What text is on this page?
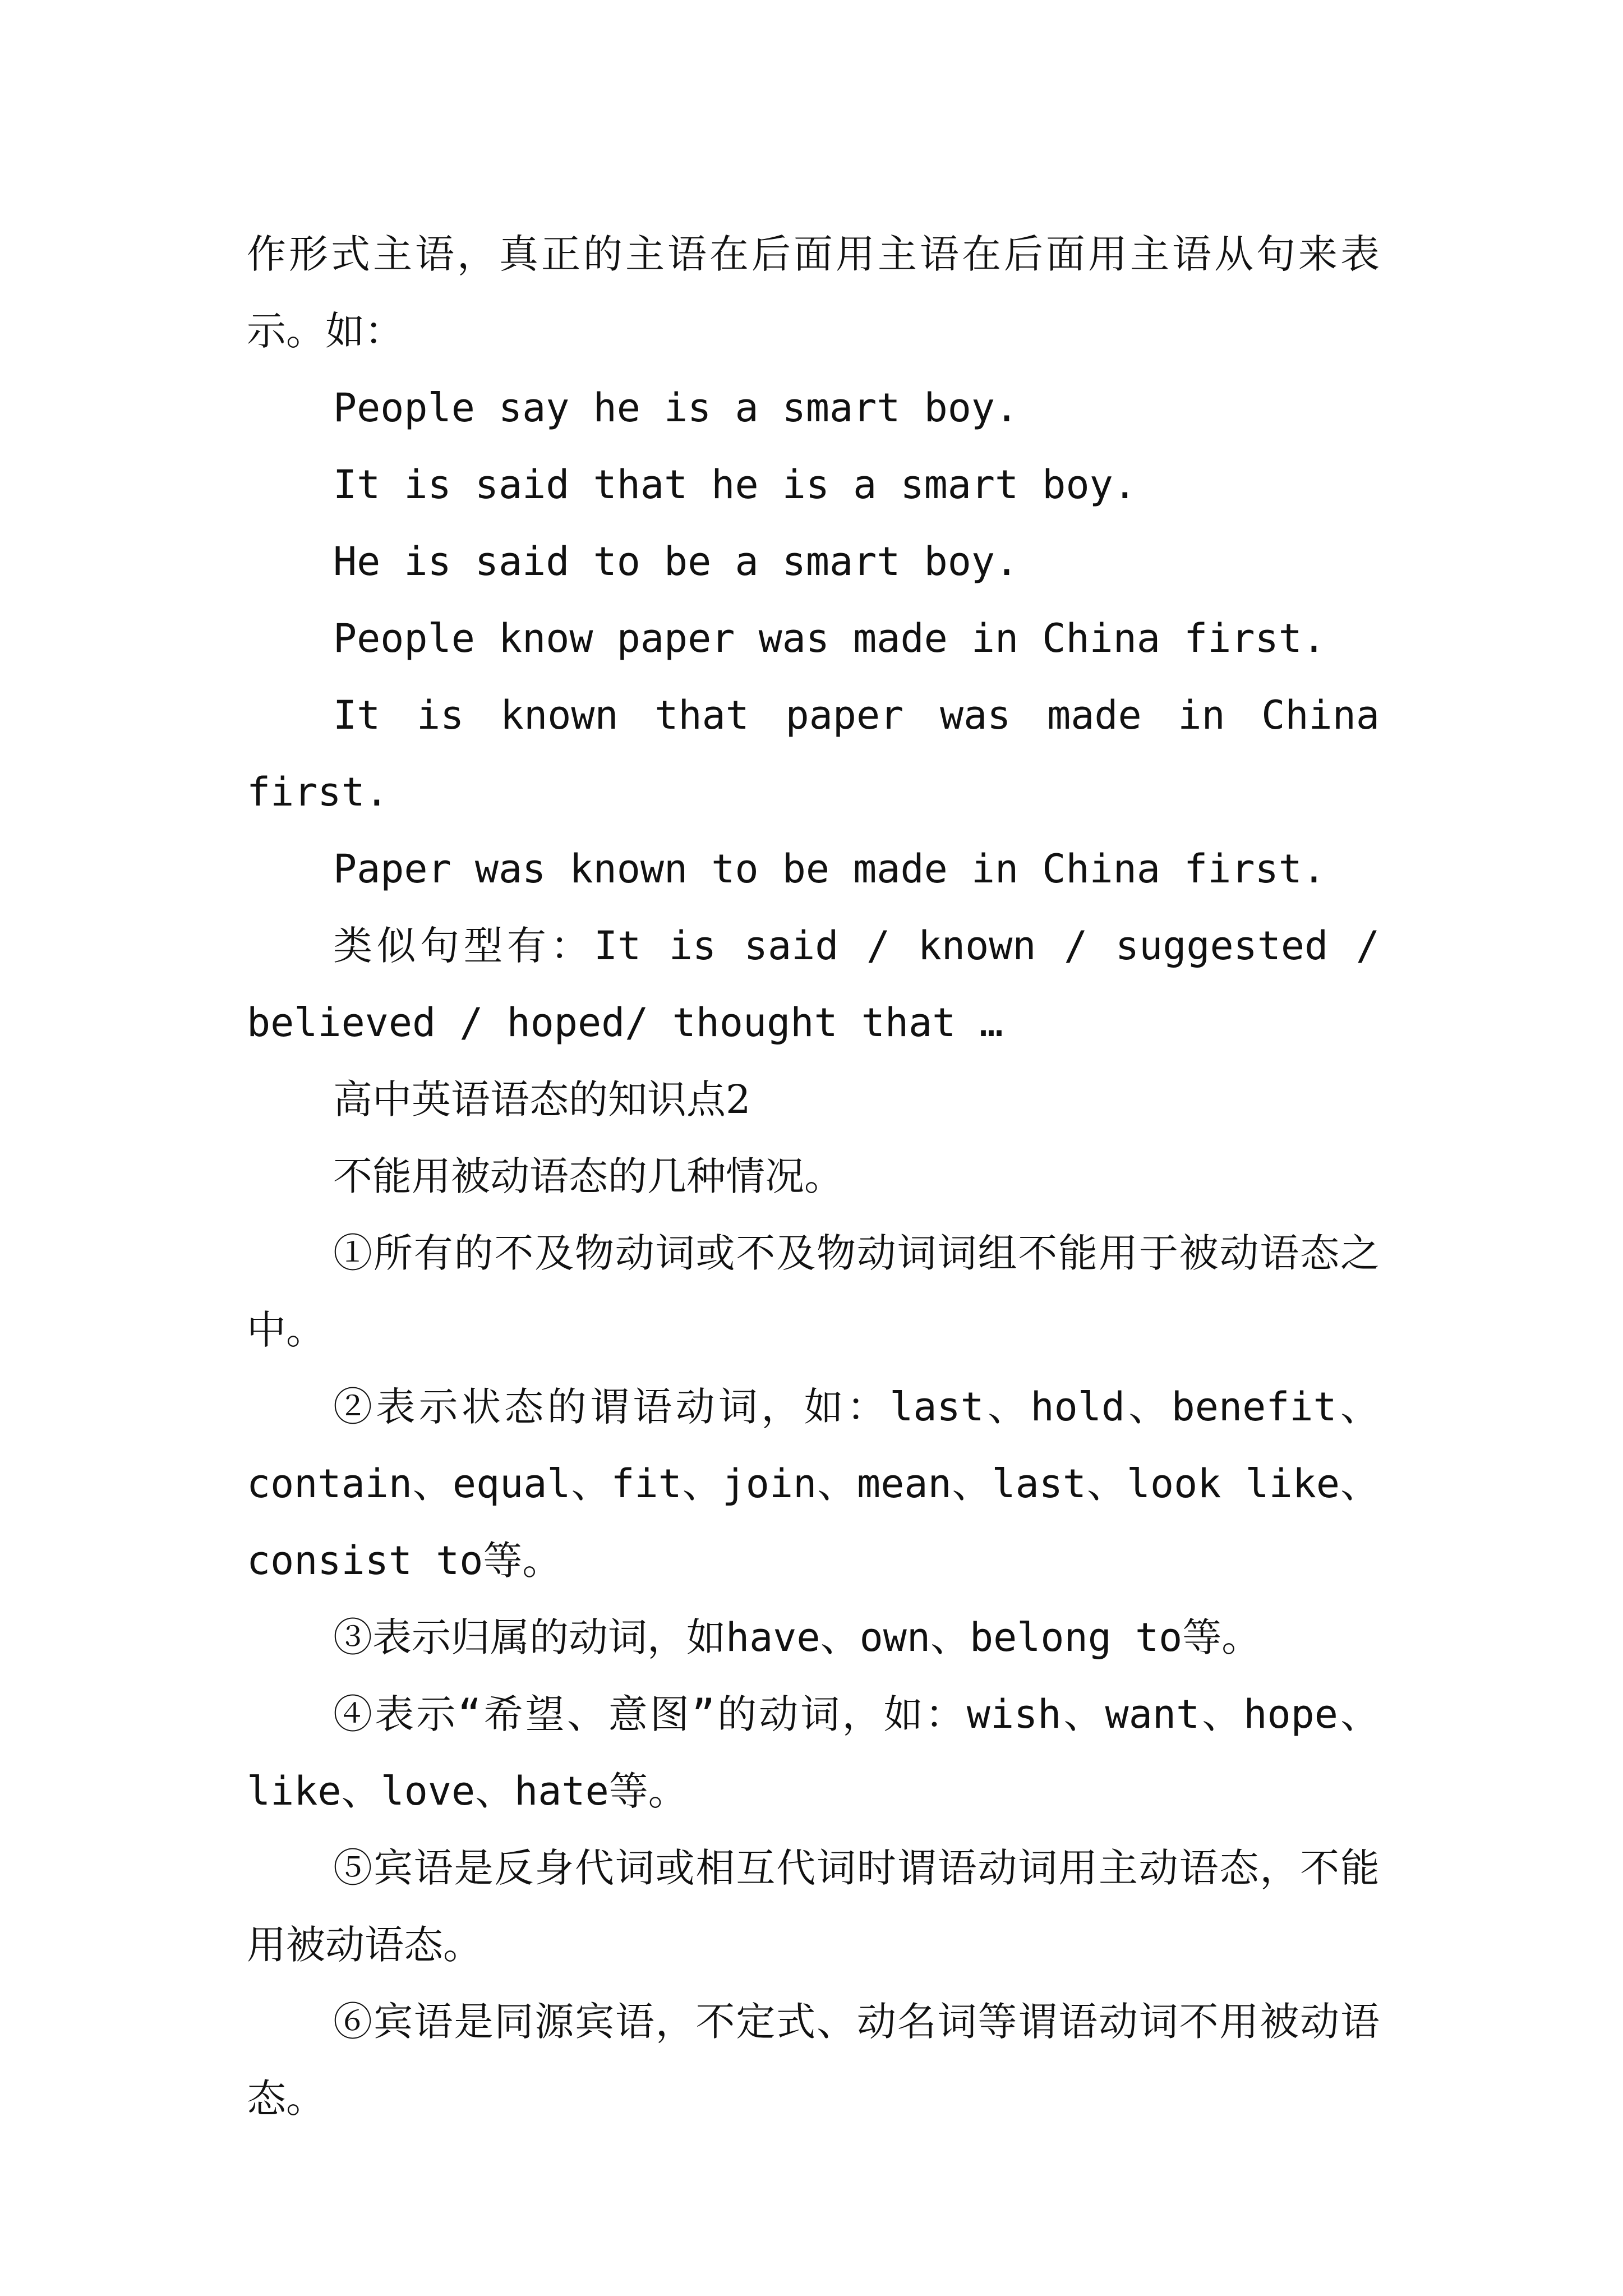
作形式主语，真正的主语在后面用主语在后面用主语从句来表示。如：

People say he is a smart boy.

It is said that he is a smart boy.

He is said to be a smart boy.

People know paper was made in China first.

It is known that paper was made in China first.

Paper was known to be made in China first.

类似句型有：It is said / known / suggested / believed / hoped/ thought that …

高中英语语态的知识点2

不能用被动语态的几种情况。

①所有的不及物动词或不及物动词词组不能用于被动语态之中。

②表示状态的谓语动词，如：last、hold、benefit、contain、equal、fit、join、mean、last、look like、consist to等。

③表示归属的动词，如have、own、belong to等。

④表示“希望、意图”的动词，如：wish、want、hope、like、love、hate等。

⑤宾语是反身代词或相互代词时谓语动词用主动语态，不能用被动语态。

⑥宾语是同源宾语，不定式、动名词等谓语动词不用被动语态。
